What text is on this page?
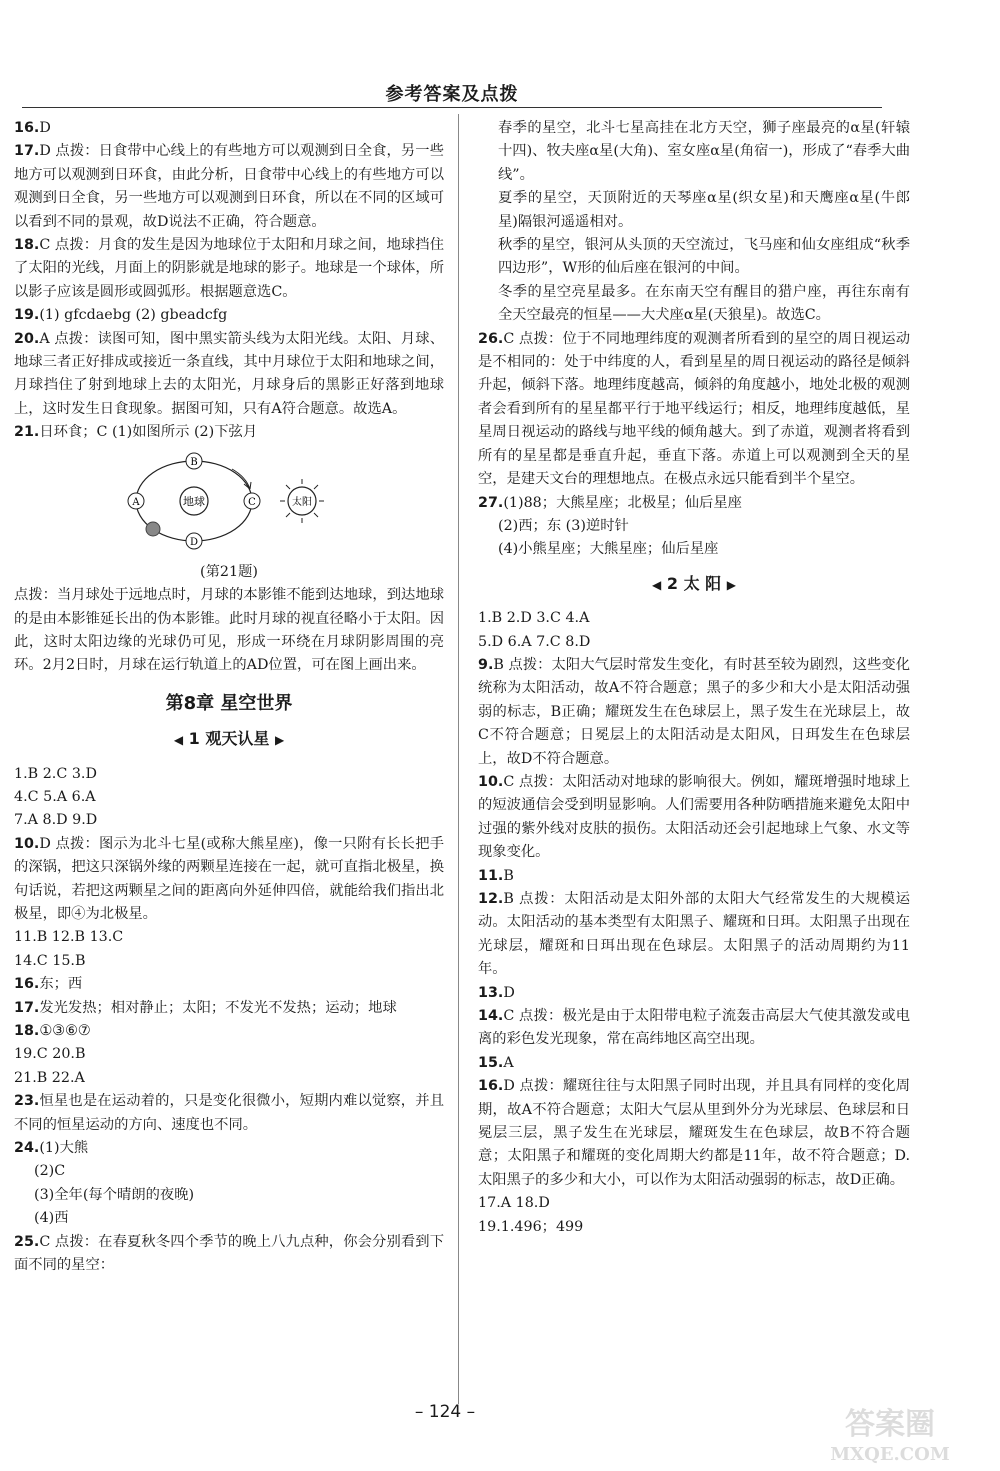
参考答案及点拨

16.D

17.D 点拨：日食带中心线上的有些地方可以观测到日全食，另一些地方可以观测到日环食，由此分析，日食带中心线上的有些地方可以观测到日全食，另一些地方可以观测到日环食，所以在不同的区域可以看到不同的景观，故D说法不正确，符合题意。

18.C 点拨：月食的发生是因为地球位于太阳和月球之间，地球挡住了太阳的光线，月面上的阴影就是地球的影子。地球是一个球体，所以影子应该是圆形或圆弧形。根据题意选C。

19.(1) gfcdaebg (2) gbeadcfg

20.A 点拨：读图可知，图中黑实箭头线为太阳光线。太阳、月球、地球三者正好排成或接近一条直线，其中月球位于太阳和地球之间，月球挡住了射到地球上去的太阳光，月球身后的黑影正好落到地球上，这时发生日食现象。据图可知，只有A符合题意。故选A。

21.日环食；C (1)如图所示 (2)下弦月

地球
B
A	C
D
太阳
(第21题)

点拨：当月球处于远地点时，月球的本影锥不能到达地球，到达地球的是由本影锥延长出的伪本影锥。此时月球的视直径略小于太阳。因此，这时太阳边缘的光球仍可见，形成一环绕在月球阴影周围的亮环。2月2日时，月球在运行轨道上的AD位置，可在图上画出来。

第8章 星空世界
◀ 1 观天认星 ▶

1.B 2.C 3.D

4.C 5.A 6.A

7.A 8.D 9.D

10.D 点拨：图示为北斗七星(或称大熊星座)，像一只附有长长把手的深锅，把这只深锅外缘的两颗星连接在一起，就可直指北极星，换句话说，若把这两颗星之间的距离向外延伸四倍，就能给我们指出北极星，即④为北极星。

11.B 12.B 13.C

14.C 15.B

16.东；西

17.发光发热；相对静止；太阳；不发光不发热；运动；地球

18.①③⑥⑦

19.C 20.B

21.B 22.A

23.恒星也是在运动着的，只是变化很微小，短期内难以觉察，并且不同的恒星运动的方向、速度也不同。

24.(1)大熊

(2)C

(3)全年(每个晴朗的夜晚)

(4)西

25.C 点拨：在春夏秋冬四个季节的晚上八九点种，你会分别看到下面不同的星空：

春季的星空，北斗七星高挂在北方天空，狮子座最亮的α星(轩辕十四)、牧夫座α星(大角)、室女座α星(角宿一)，形成了“春季大曲线”。

夏季的星空，天顶附近的天琴座α星(织女星)和天鹰座α星(牛郎星)隔银河遥遥相对。

秋季的星空，银河从头顶的天空流过，飞马座和仙女座组成“秋季四边形”，W形的仙后座在银河的中间。

冬季的星空亮星最多。在东南天空有醒目的猎户座，再往东南有全天空最亮的恒星——大犬座α星(天狼星)。故选C。

26.C 点拨：位于不同地理纬度的观测者所看到的星空的周日视运动是不相同的：处于中纬度的人，看到星星的周日视运动的路径是倾斜升起，倾斜下落。地理纬度越高，倾斜的角度越小，地处北极的观测者会看到所有的星星都平行于地平线运行；相反，地理纬度越低，星星周日视运动的路线与地平线的倾角越大。到了赤道，观测者将看到所有的星星都是垂直升起，垂直下落。赤道上可以观测到全天的星空，是建天文台的理想地点。在极点永远只能看到半个星空。

27.(1)88；大熊星座；北极星；仙后星座

(2)西；东 (3)逆时针

(4)小熊星座；大熊星座；仙后星座

◀ 2 太 阳 ▶

1.B 2.D 3.C 4.A

5.D 6.A 7.C 8.D

9.B 点拨：太阳大气层时常发生变化，有时甚至较为剧烈，这些变化统称为太阳活动，故A不符合题意；黑子的多少和大小是太阳活动强弱的标志，B正确；耀斑发生在色球层上，黑子发生在光球层上，故C不符合题意；日冕层上的太阳活动是太阳风，日珥发生在色球层上，故D不符合题意。

10.C 点拨：太阳活动对地球的影响很大。例如，耀斑增强时地球上的短波通信会受到明显影响。人们需要用各种防晒措施来避免太阳中过强的紫外线对皮肤的损伤。太阳活动还会引起地球上气象、水文等现象变化。

11.B

12.B 点拨：太阳活动是太阳外部的太阳大气经常发生的大规模运动。太阳活动的基本类型有太阳黑子、耀斑和日珥。太阳黑子出现在光球层，耀斑和日珥出现在色球层。太阳黑子的活动周期约为11年。

13.D

14.C 点拨：极光是由于太阳带电粒子流轰击高层大气使其激发或电离的彩色发光现象，常在高纬地区高空出现。

15.A

16.D 点拨：耀斑往往与太阳黑子同时出现，并且具有同样的变化周期，故A不符合题意；太阳大气层从里到外分为光球层、色球层和日冕层三层，黑子发生在光球层，耀斑发生在色球层，故B不符合题意；太阳黑子和耀斑的变化周期大约都是11年，故不符合题意；D.太阳黑子的多少和大小，可以作为太阳活动强弱的标志，故D正确。

17.A 18.D

19.1.496；499

– 124 –	答案圈
MXQE.COM
